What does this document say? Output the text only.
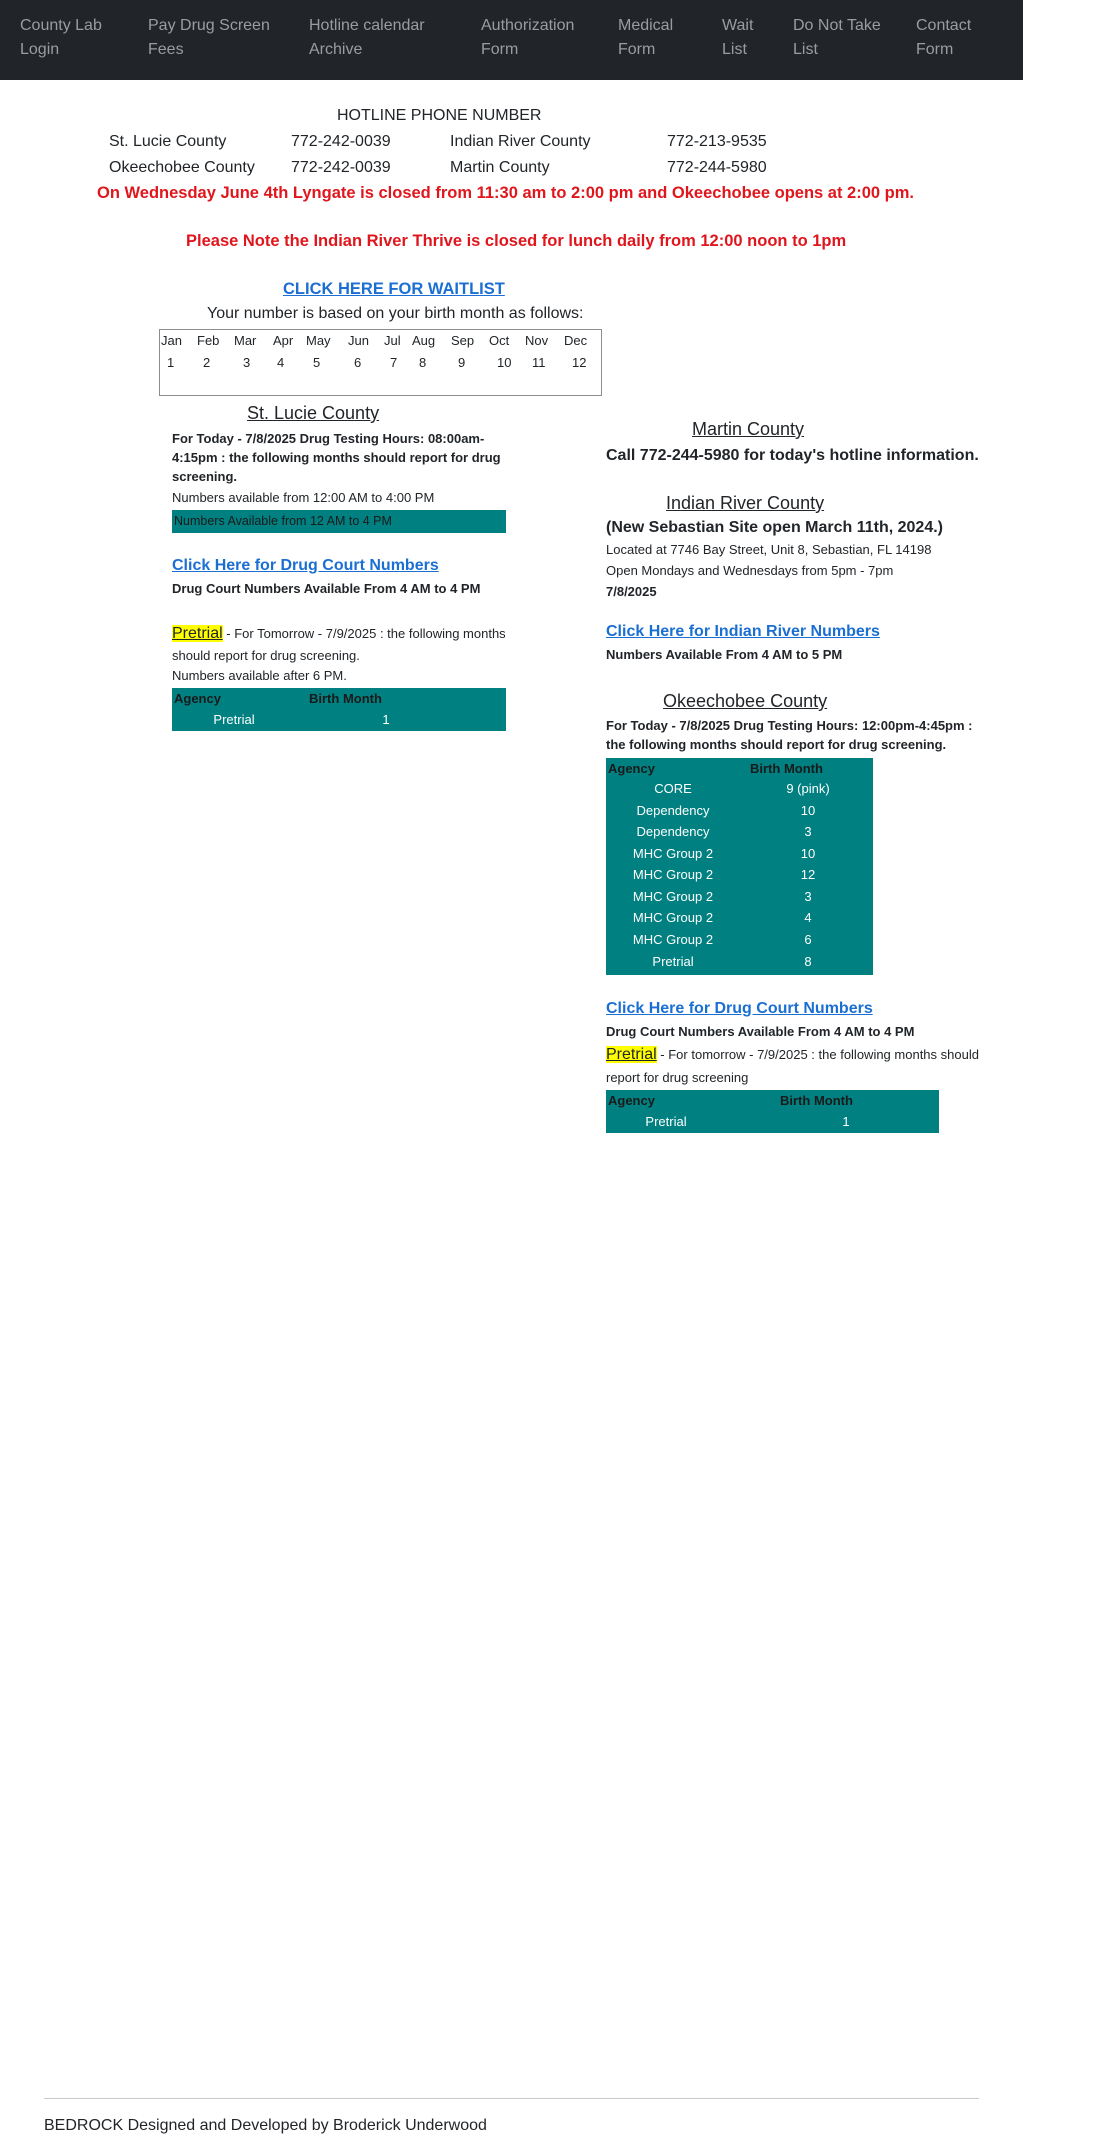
County Lab
Login
Pay Drug Screen
Fees
Hotline calendar
Archive
Authorization
Form
Medical
Form
Wait
List
Do Not Take
List
Contact
Form
HOTLINE PHONE NUMBER
St. Lucie County	772-242-0039	Indian River County	772-213-9535
Okeechobee County 772-242-0039	Martin County	772-244-5980
On Wednesday June 4th Lyngate is closed from 11:30 am to 2:00 pm and Okeechobee opens at 2:00 pm.
Please Note the Indian River Thrive is closed for lunch daily from 12:00 noon to 1pm
CLICK HERE FOR WAITLIST
Your number is based on your birth month as follows:
Jan Feb Mar Apr May Jun Jul Aug Sep Oct Nov Dec
1 2	3 4 5	6 7 8 9 10 11 12
St. Lucie County
For Today - 7/8/2025 Drug Testing Hours: 08:00am-
4:15pm : the following months should report for drug
screening.
Numbers available from 12:00 AM to 4:00 PM
Numbers Available from 12 AM to 4 PM
Click Here for Drug Court Numbers
Drug Court Numbers Available From 4 AM to 4 PM
Pretrial - For Tomorrow - 7/9/2025 : the following months
should report for drug screening.
Numbers available after 6 PM.
Agency	Birth Month
Pretrial	1
Martin County
Call 772-244-5980 for today's hotline information.
Indian River County
(New Sebastian Site open March 11th, 2024.)
Located at 7746 Bay Street, Unit 8, Sebastian, FL 14198
Open Mondays and Wednesdays from 5pm - 7pm
7/8/2025
Click Here for Indian River Numbers
Numbers Available From 4 AM to 5 PM
Okeechobee County
For Today - 7/8/2025 Drug Testing Hours: 12:00pm-4:45pm :
the following months should report for drug screening.
Agency	Birth Month
CORE	9 (pink)
Dependency	10
Dependency	3
MHC Group 2	10
MHC Group 2	12
MHC Group 2	3
MHC Group 2	4
MHC Group 2	6
Pretrial	8
Click Here for Drug Court Numbers
Drug Court Numbers Available From 4 AM to 4 PM
Pretrial - For tomorrow - 7/9/2025 : the following months should
report for drug screening
Agency	Birth Month
Pretrial	1
BEDROCK Designed and Developed by Broderick Underwood
